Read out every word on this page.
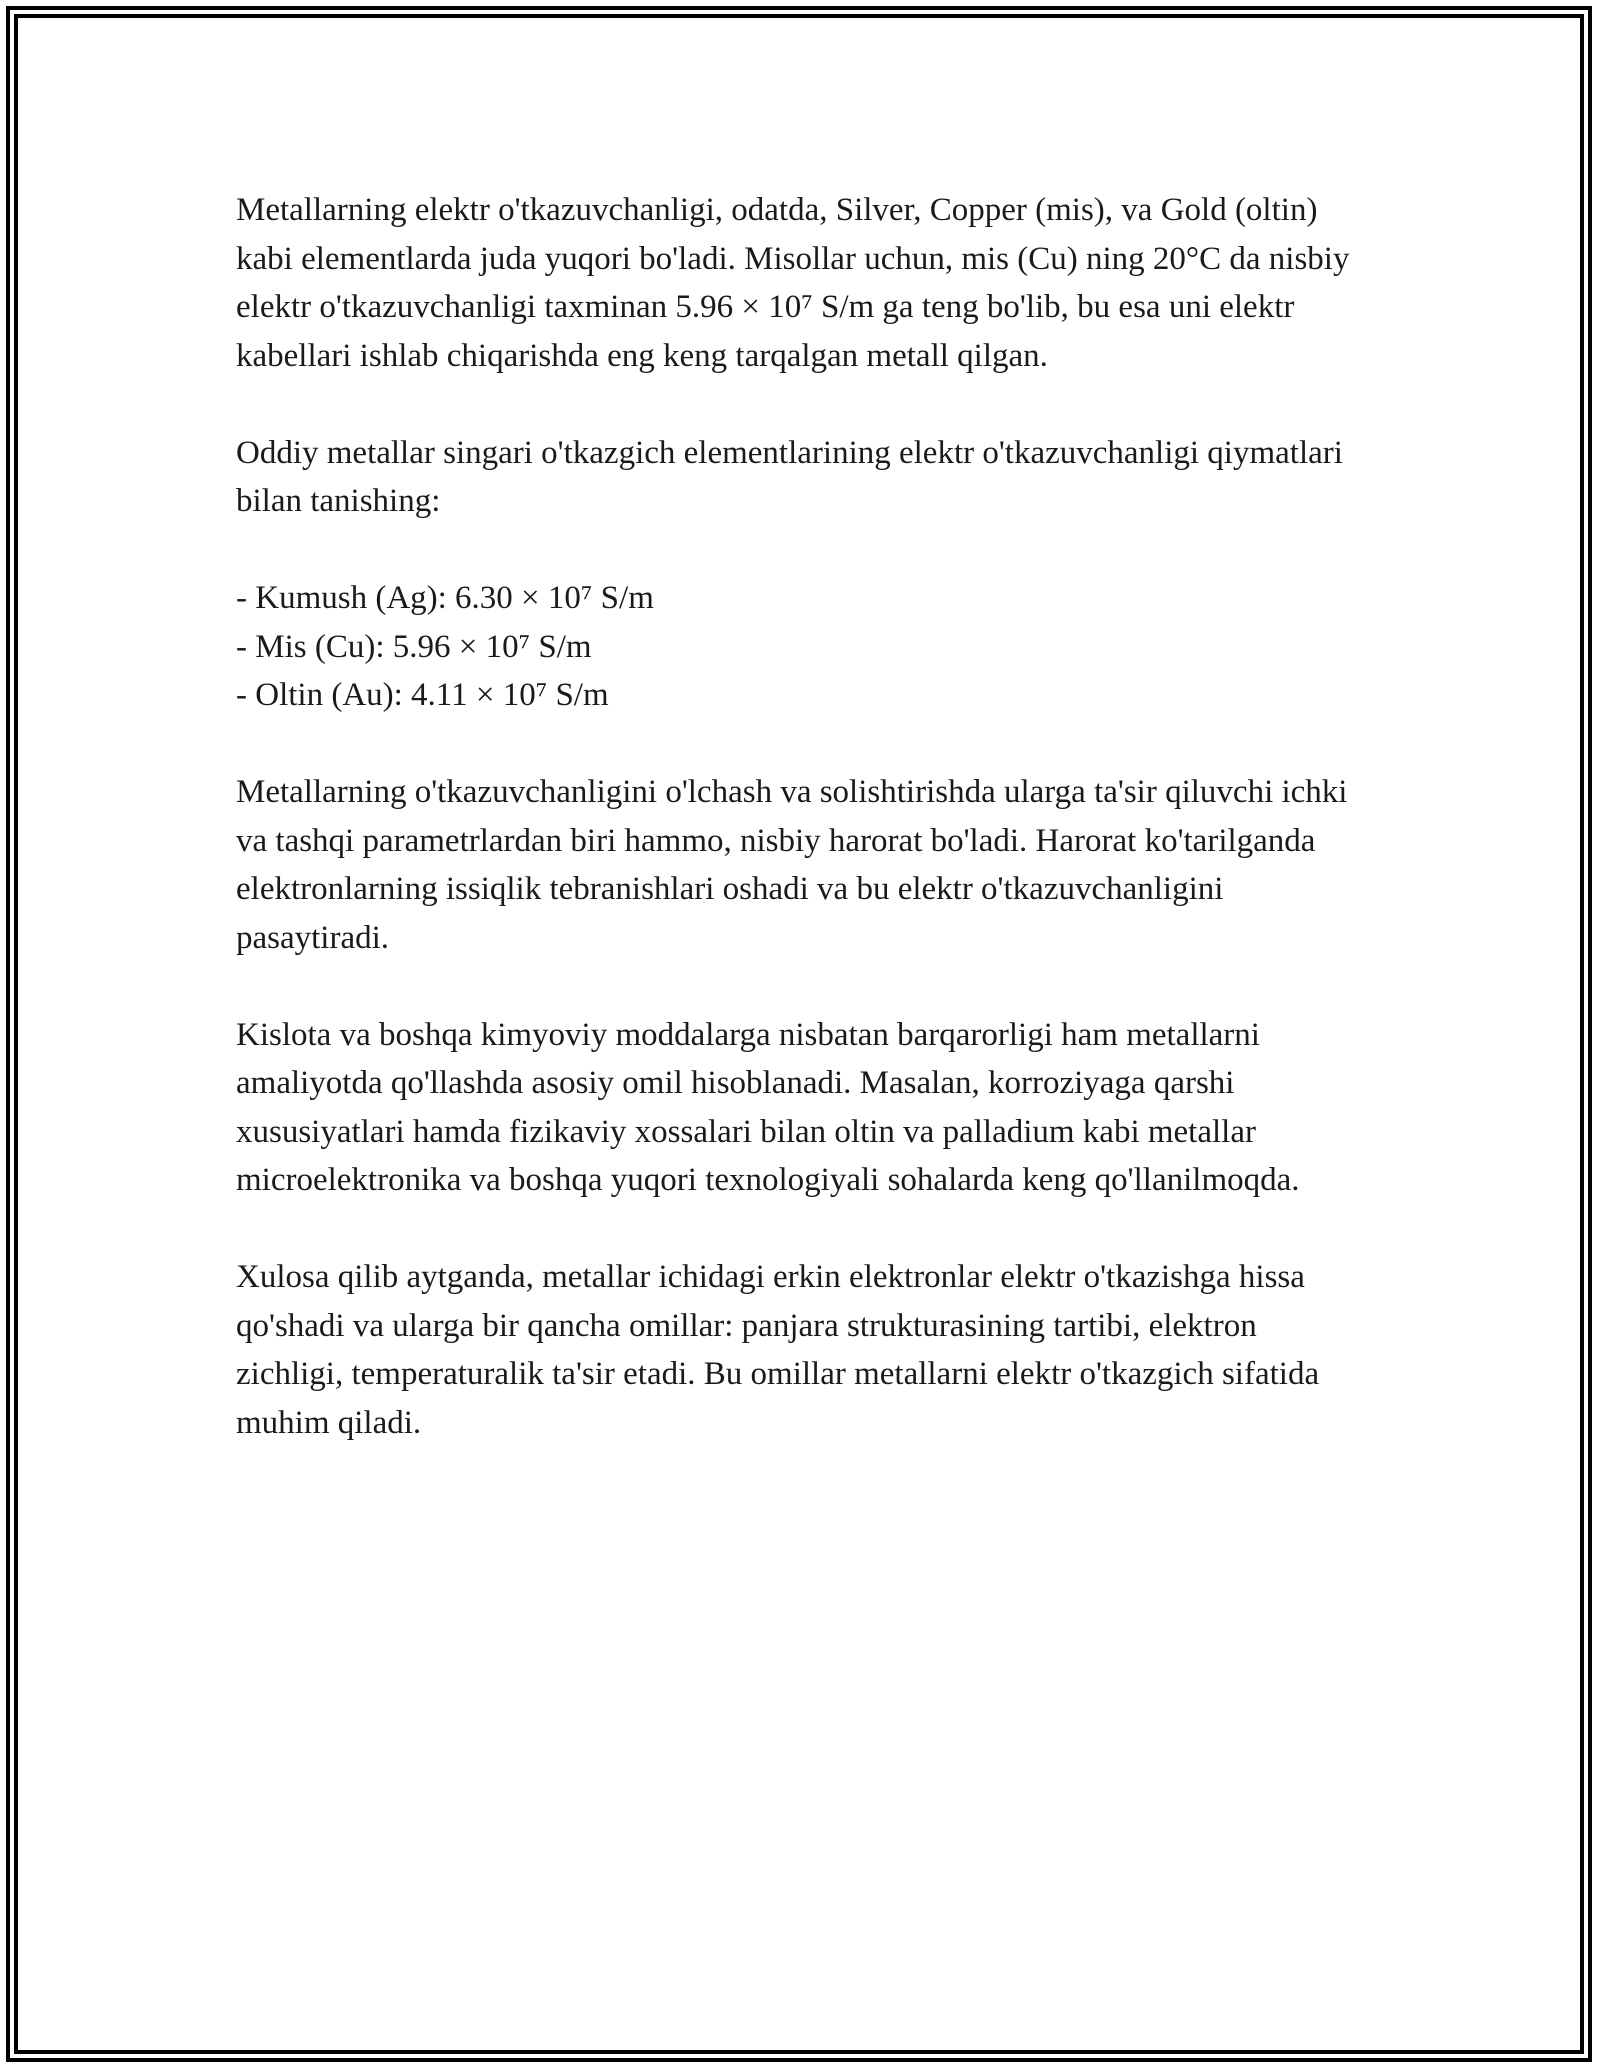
Metallarning elektr o'tkazuvchanligi, odatda, Silver, Copper (mis), va Gold (oltin) kabi elementlarda juda yuqori bo'ladi. Misollar uchun, mis (Cu) ning 20°C da nisbiy elektr o'tkazuvchanligi taxminan 5.96 × 10⁷ S/m ga teng bo'lib, bu esa uni elektr kabellari ishlab chiqarishda eng keng tarqalgan metall qilgan.

Oddiy metallar singari o'tkazgich elementlarining elektr o'tkazuvchanligi qiymatlari bilan tanishing:

- Kumush (Ag): 6.30 × 10⁷ S/m
- Mis (Cu): 5.96 × 10⁷ S/m
- Oltin (Au): 4.11 × 10⁷ S/m

Metallarning o'tkazuvchanligini o'lchash va solishtirishda ularga ta'sir qiluvchi ichki va tashqi parametrlardan biri hammo, nisbiy harorat bo'ladi. Harorat ko'tarilganda elektronlarning issiqlik tebranishlari oshadi va bu elektr o'tkazuvchanligini pasaytiradi.

Kislota va boshqa kimyoviy moddalarga nisbatan barqarorligi ham metallarni amaliyotda qo'llashda asosiy omil hisoblanadi. Masalan, korroziyaga qarshi xususiyatlari hamda fizikaviy xossalari bilan oltin va palladium kabi metallar microelektronika va boshqa yuqori texnologiyali sohalarda keng qo'llanilmoqda.

Xulosa qilib aytganda, metallar ichidagi erkin elektronlar elektr o'tkazishga hissa qo'shadi va ularga bir qancha omillar: panjara strukturasining tartibi, elektron zichligi, temperaturalik ta'sir etadi. Bu omillar metallarni elektr o'tkazgich sifatida muhim qiladi.
